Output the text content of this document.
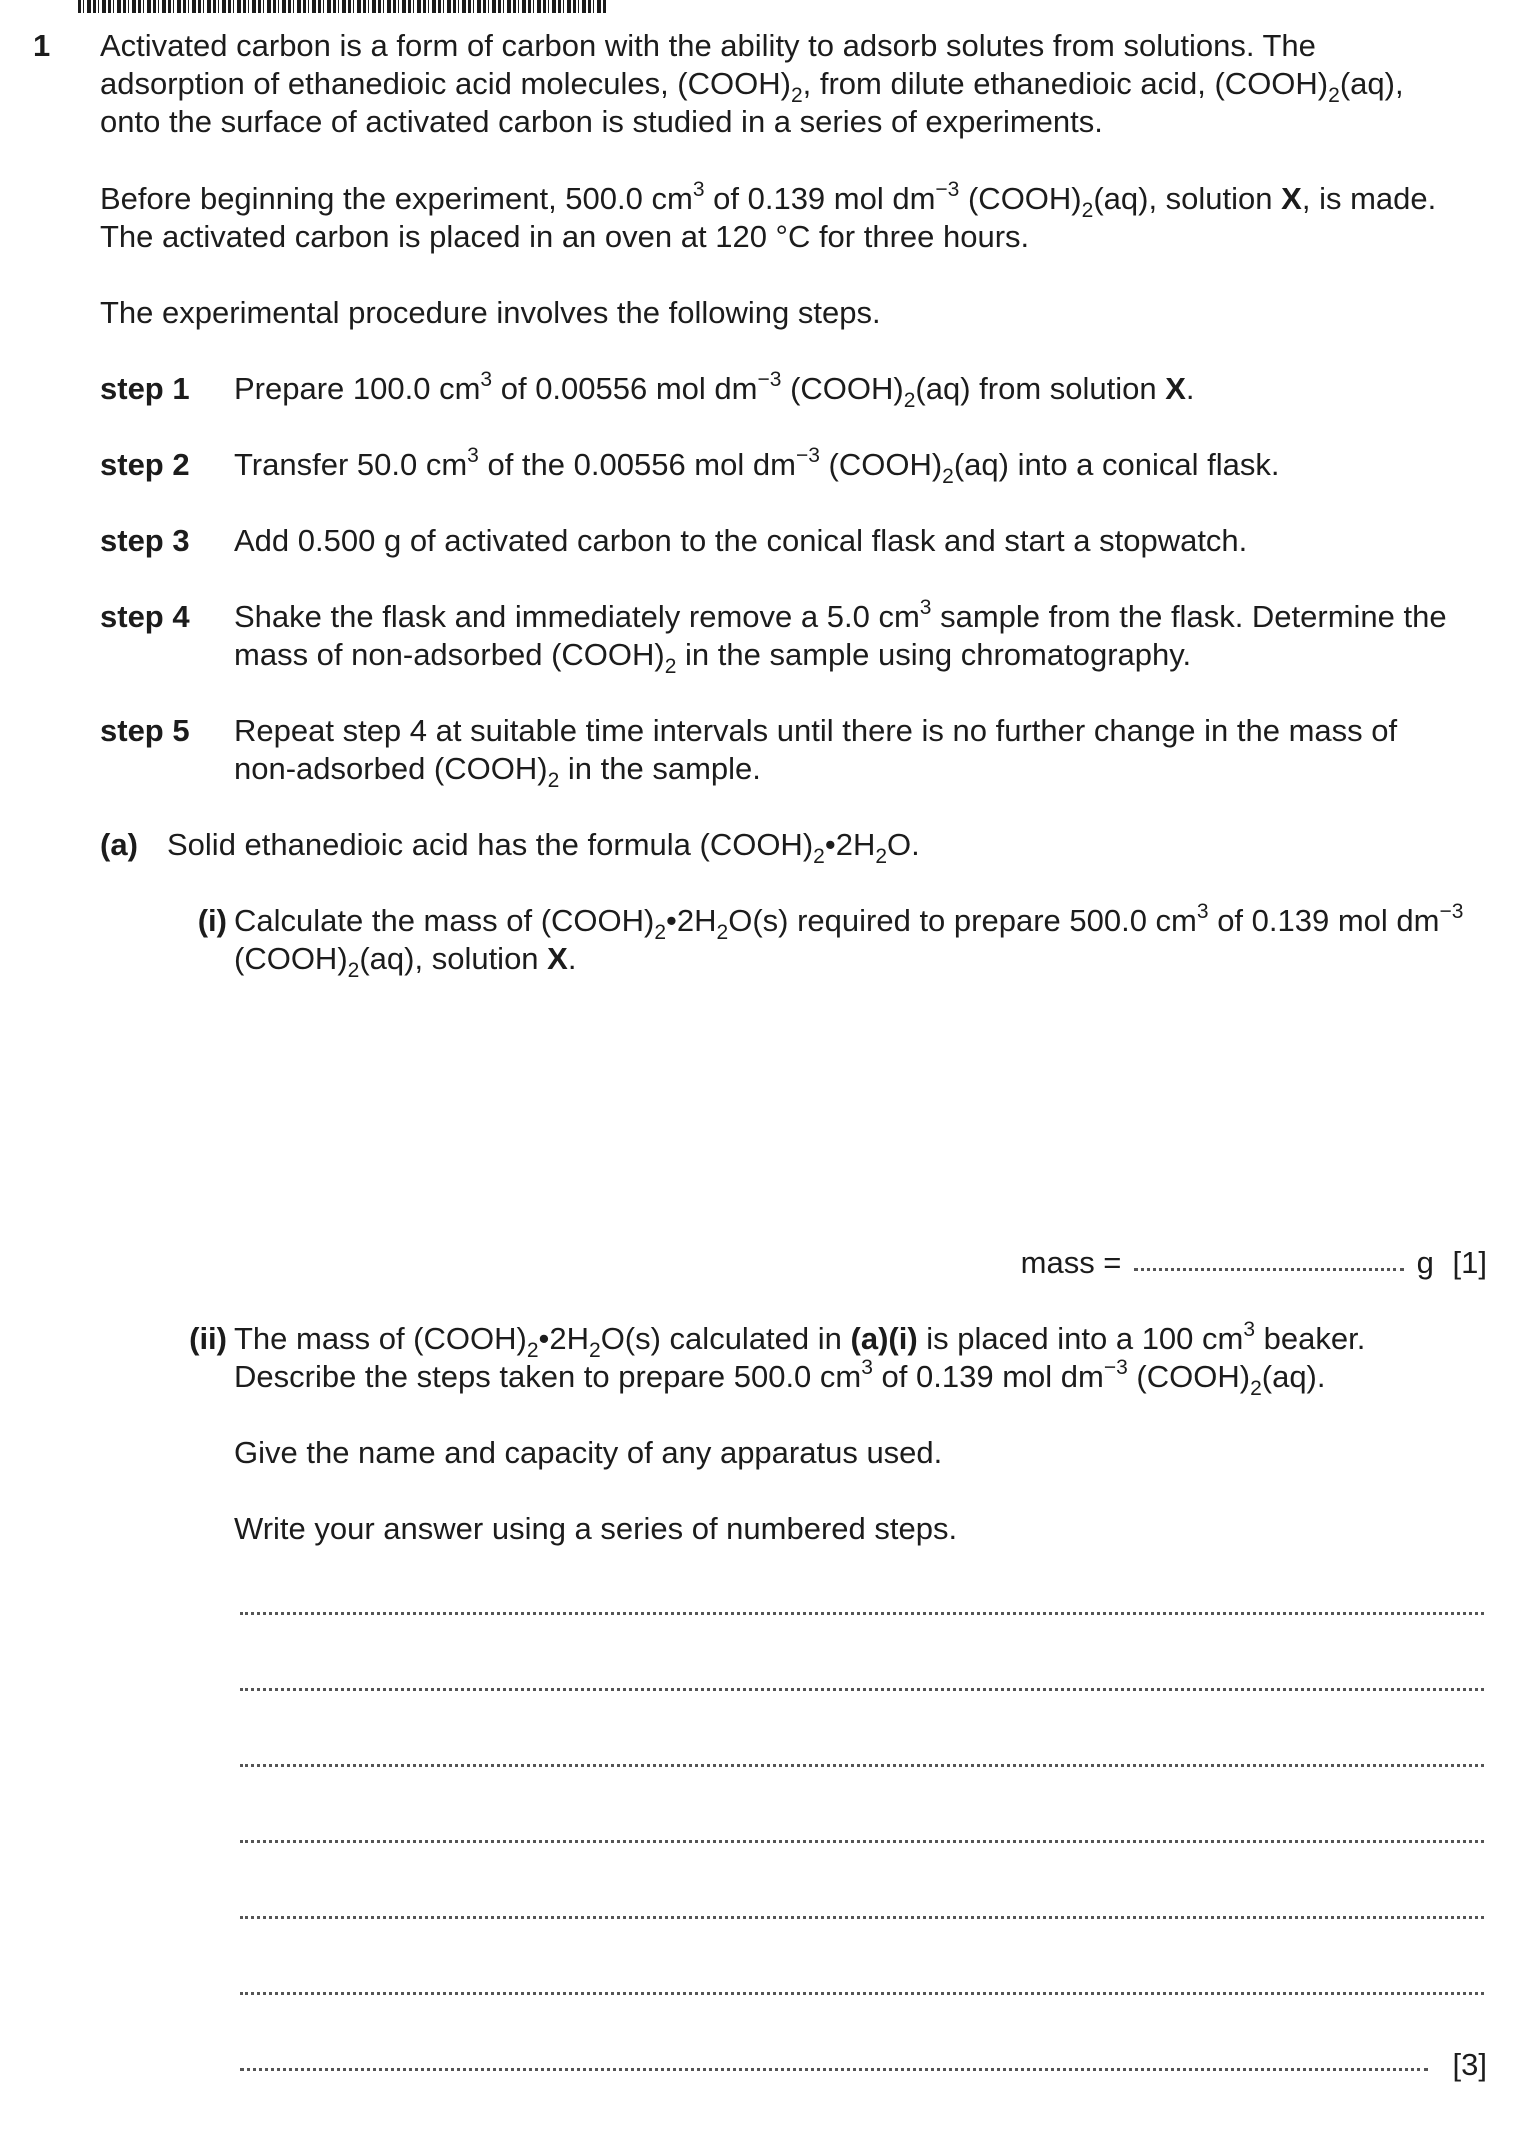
1 Activated carbon is a form of carbon with the ability to adsorb solutes from solutions. The
adsorption of ethanedioic acid molecules, $(COOH)_2$, from dilute ethanedioic acid, $(COOH)_2(aq)$,
onto the surface of activated carbon is studied in a series of experiments.
Before beginning the experiment, 500.0 $cm^3$ of 0.139 mol $dm^{-3}$ $(COOH)_2(aq)$, solution X, is made.
The activated carbon is placed in an oven at 120 °C for three hours.
The experimental procedure involves the following steps.
step 1 Prepare 100.0 $cm^3$ of 0.00556 mol $dm^{-3}$ $(COOH)_2(aq)$ from solution X.
step 2 Transfer 50.0 $cm^3$ of the 0.00556 mol $dm^{-3}$ $(COOH)_2(aq)$ into a conical flask.
step 3 Add 0.500 g of activated carbon to the conical flask and start a stopwatch.
step 4 Shake the flask and immediately remove a 5.0 $cm^3$ sample from the flask. Determine the
mass of non-adsorbed $(COOH)_2$ in the sample using chromatography.
step 5 Repeat step 4 at suitable time intervals until there is no further change in the mass of
non-adsorbed $(COOH)_2$ in the sample.
(a) Solid ethanedioic acid has the formula $(COOH)_2•2H_2O$.
(i) Calculate the mass of $(COOH)_2•2H_2O(s)$ required to prepare 500.0 $cm^3$ of 0.139 mol $dm^{-3}$
$(COOH)_2(aq)$, solution X.
mass =	g [1]
(ii) The mass of $(COOH)_2•2H_2O(s)$ calculated in (a)(i) is placed into a 100 $cm^3$ beaker.
Describe the steps taken to prepare 500.0 $cm^3$ of 0.139 mol $dm^{-3}$ $(COOH)_2(aq)$.
Give the name and capacity of any apparatus used.
Write your answer using a series of numbered steps.
[3]
